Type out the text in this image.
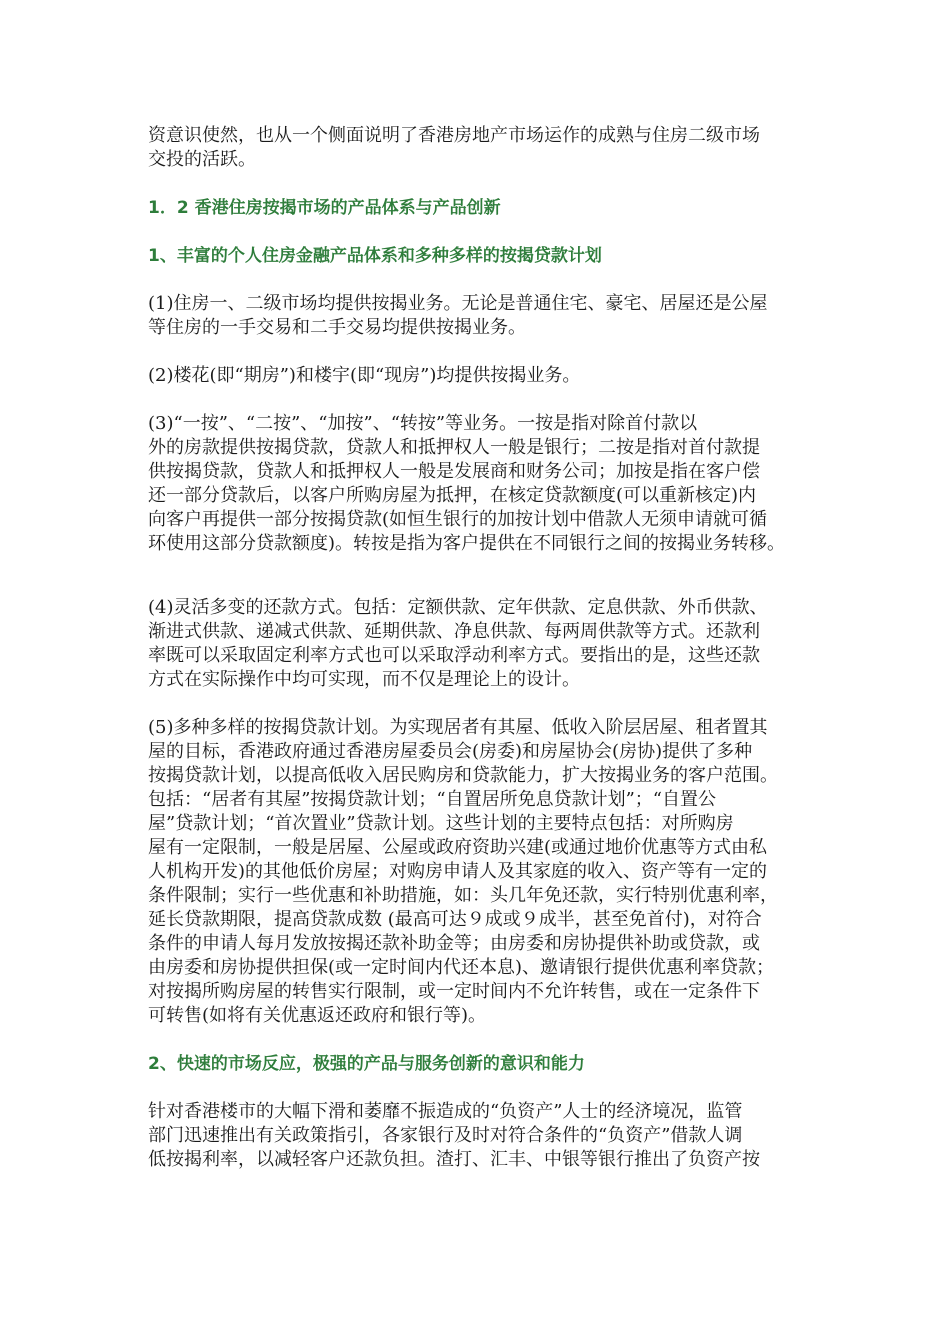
资意识使然，也从一个侧面说明了香港房地产市场运作的成熟与住房二级市场
交投的活跃。

1．2 香港住房按揭市场的产品体系与产品创新
1、丰富的个人住房金融产品体系和多种多样的按揭贷款计划

(1)住房一、二级市场均提供按揭业务。无论是普通住宅、豪宅、居屋还是公屋
等住房的一手交易和二手交易均提供按揭业务。

(2)楼花(即“期房”)和楼宇(即“现房”)均提供按揭业务。

(3)“一按”、“二按”、“加按”、“转按”等业务。一按是指对除首付款以
外的房款提供按揭贷款，贷款人和抵押权人一般是银行；二按是指对首付款提
供按揭贷款，贷款人和抵押权人一般是发展商和财务公司；加按是指在客户偿
还一部分贷款后，以客户所购房屋为抵押，在核定贷款额度(可以重新核定)内
向客户再提供一部分按揭贷款(如恒生银行的加按计划中借款人无须申请就可循
环使用这部分贷款额度)。转按是指为客户提供在不同银行之间的按揭业务转移。

(4)灵活多变的还款方式。包括：定额供款、定年供款、定息供款、外币供款、
渐进式供款、递减式供款、延期供款、净息供款、每两周供款等方式。还款利
率既可以采取固定利率方式也可以采取浮动利率方式。要指出的是，这些还款
方式在实际操作中均可实现，而不仅是理论上的设计。

(5)多种多样的按揭贷款计划。为实现居者有其屋、低收入阶层居屋、租者置其
屋的目标，香港政府通过香港房屋委员会(房委)和房屋协会(房协)提供了多种
按揭贷款计划，以提高低收入居民购房和贷款能力，扩大按揭业务的客户范围。
包括：“居者有其屋”按揭贷款计划；“自置居所免息贷款计划”；“自置公
屋”贷款计划；“首次置业”贷款计划。这些计划的主要特点包括：对所购房
屋有一定限制，一般是居屋、公屋或政府资助兴建(或通过地价优惠等方式由私
人机构开发)的其他低价房屋；对购房申请人及其家庭的收入、资产等有一定的
条件限制；实行一些优惠和补助措施，如：头几年免还款，实行特别优惠利率，
延长贷款期限，提高贷款成数 (最高可达９成或９成半，甚至免首付)，对符合
条件的申请人每月发放按揭还款补助金等；由房委和房协提供补助或贷款，或
由房委和房协提供担保(或一定时间内代还本息)、邀请银行提供优惠利率贷款；
对按揭所购房屋的转售实行限制，或一定时间内不允许转售，或在一定条件下
可转售(如将有关优惠返还政府和银行等)。

2、快速的市场反应，极强的产品与服务创新的意识和能力

针对香港楼市的大幅下滑和萎靡不振造成的“负资产”人士的经济境况，监管
部门迅速推出有关政策指引，各家银行及时对符合条件的“负资产”借款人调
低按揭利率，以减轻客户还款负担。渣打、汇丰、中银等银行推出了负资产按
